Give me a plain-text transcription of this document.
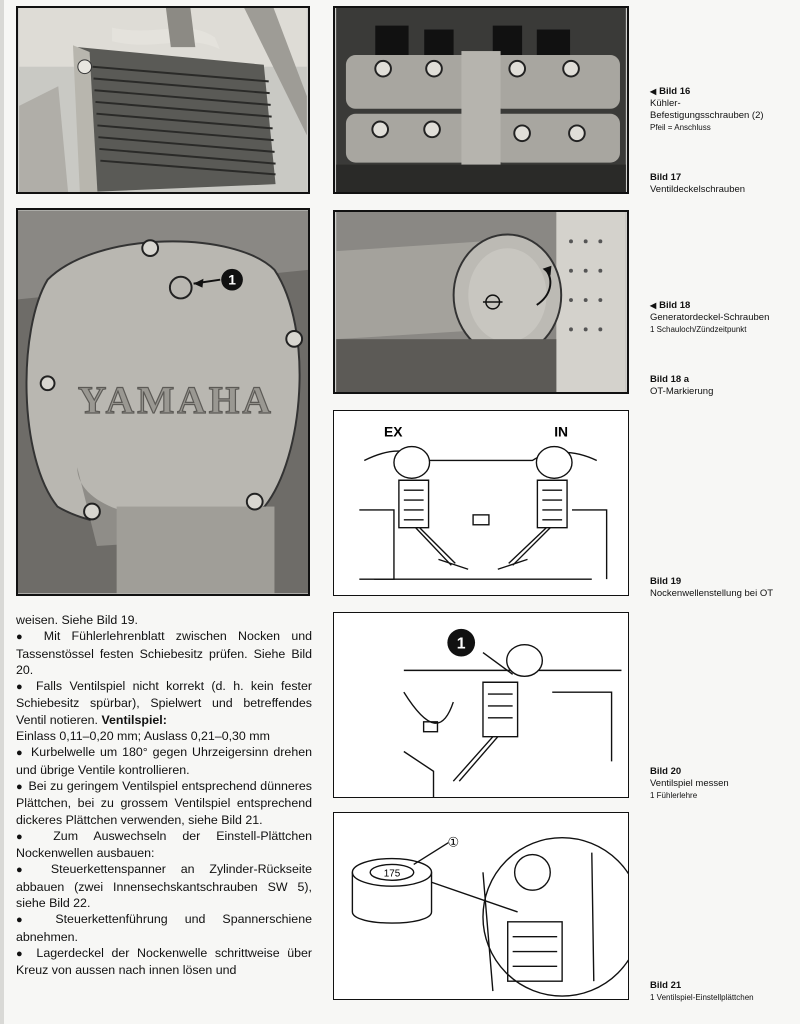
1
YAMAHA
EX	IN
1
175
①
◀ Bild 16
Kühler-
Befestigungsschrauben (2)
Pfeil = Anschluss
Bild 17
Ventildeckelschrauben
◀ Bild 18
Generatordeckel-Schrauben
1 Schauloch/Zündzeitpunkt
Bild 18 a
OT-Markierung
Bild 19
Nockenwellenstellung bei OT
Bild 20
Ventilspiel messen
1 Fühlerlehre
Bild 21
1 Ventilspiel-Einstellplättchen

weisen. Siehe Bild 19.

● Mit Fühlerlehrenblatt zwischen Nocken und Tassenstössel festen Schiebesitz prüfen. Siehe Bild 20.

● Falls Ventilspiel nicht korrekt (d. h. kein fester Schiebesitz spürbar), Spielwert und betreffendes Ventil notieren. Ventilspiel:

Einlass 0,11–0,20 mm; Auslass 0,21–0,30 mm

● Kurbelwelle um 180° gegen Uhrzeigersinn drehen und übrige Ventile kontrollieren.

● Bei zu geringem Ventilspiel entsprechend dünneres Plättchen, bei zu grossem Ventilspiel entsprechend dickeres Plättchen verwenden, siehe Bild 21.

● Zum Auswechseln der Einstell-Plättchen Nockenwellen ausbauen:

● Steuerkettenspanner an Zylinder-Rückseite abbauen (zwei Innensechskantschrauben SW 5), siehe Bild 22.

● Steuerkettenführung und Spannerschiene abnehmen.

● Lagerdeckel der Nockenwelle schrittweise über Kreuz von aussen nach innen lösen und
